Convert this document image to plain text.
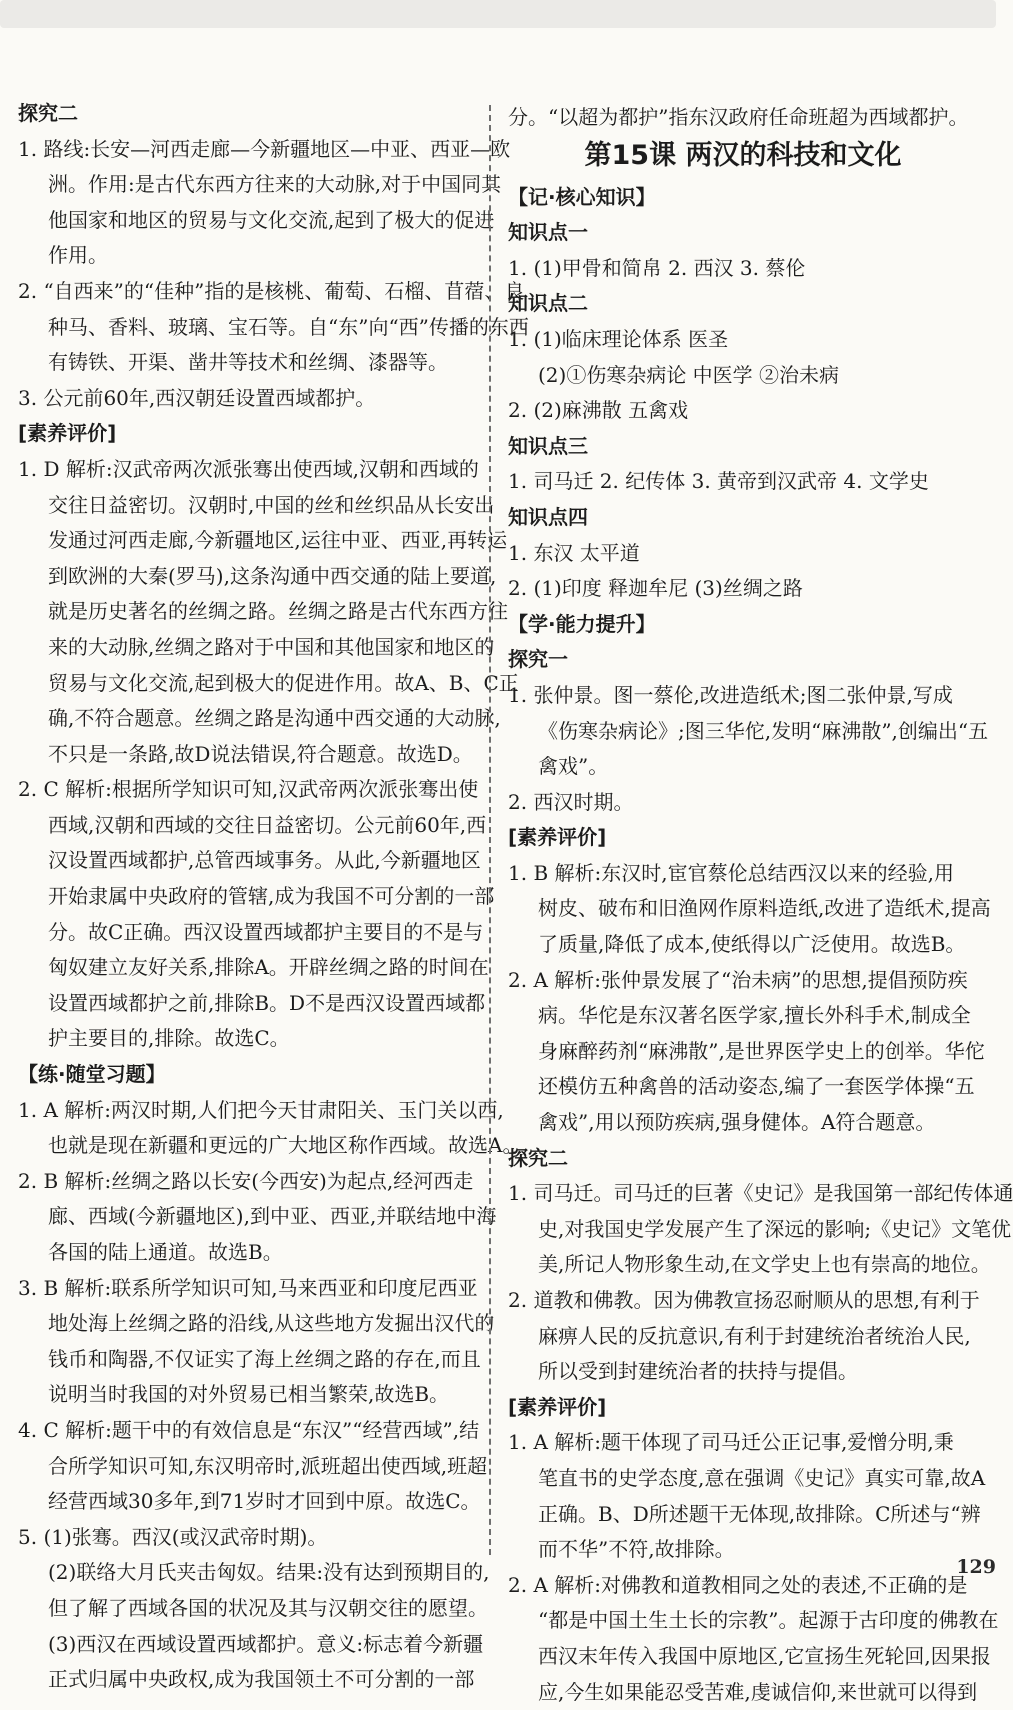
探究二
1. 路线:长安—河西走廊—今新疆地区—中亚、西亚—欧
洲。作用:是古代东西方往来的大动脉,对于中国同其
他国家和地区的贸易与文化交流,起到了极大的促进
作用。
2. “自西来”的“佳种”指的是核桃、葡萄、石榴、苜蓿、良
种马、香料、玻璃、宝石等。自“东”向“西”传播的东西
有铸铁、开渠、凿井等技术和丝绸、漆器等。
3. 公元前60年,西汉朝廷设置西域都护。
[素养评价]
1. D 解析:汉武帝两次派张骞出使西域,汉朝和西域的
交往日益密切。汉朝时,中国的丝和丝织品从长安出
发通过河西走廊,今新疆地区,运往中亚、西亚,再转运
到欧洲的大秦(罗马),这条沟通中西交通的陆上要道,
就是历史著名的丝绸之路。丝绸之路是古代东西方往
来的大动脉,丝绸之路对于中国和其他国家和地区的
贸易与文化交流,起到极大的促进作用。故A、B、C正
确,不符合题意。丝绸之路是沟通中西交通的大动脉,
不只是一条路,故D说法错误,符合题意。故选D。
2. C 解析:根据所学知识可知,汉武帝两次派张骞出使
西域,汉朝和西域的交往日益密切。公元前60年,西
汉设置西域都护,总管西域事务。从此,今新疆地区
开始隶属中央政府的管辖,成为我国不可分割的一部
分。故C正确。西汉设置西域都护主要目的不是与
匈奴建立友好关系,排除A。开辟丝绸之路的时间在
设置西域都护之前,排除B。D不是西汉设置西域都
护主要目的,排除。故选C。
【练·随堂习题】
1. A 解析:两汉时期,人们把今天甘肃阳关、玉门关以西,
也就是现在新疆和更远的广大地区称作西域。故选A。
2. B 解析:丝绸之路以长安(今西安)为起点,经河西走
廊、西域(今新疆地区),到中亚、西亚,并联结地中海
各国的陆上通道。故选B。
3. B 解析:联系所学知识可知,马来西亚和印度尼西亚
地处海上丝绸之路的沿线,从这些地方发掘出汉代的
钱币和陶器,不仅证实了海上丝绸之路的存在,而且
说明当时我国的对外贸易已相当繁荣,故选B。
4. C 解析:题干中的有效信息是“东汉”“经营西域”,结
合所学知识可知,东汉明帝时,派班超出使西域,班超
经营西域30多年,到71岁时才回到中原。故选C。
5. (1)张骞。西汉(或汉武帝时期)。
(2)联络大月氏夹击匈奴。结果:没有达到预期目的,
但了解了西域各国的状况及其与汉朝交往的愿望。
(3)西汉在西域设置西域都护。意义:标志着今新疆
正式归属中央政权,成为我国领土不可分割的一部
分。“以超为都护”指东汉政府任命班超为西域都护。
第15课 两汉的科技和文化
【记·核心知识】
知识点一
1. (1)甲骨和简帛 2. 西汉 3. 蔡伦
知识点二
1. (1)临床理论体系 医圣
(2)①伤寒杂病论 中医学 ②治未病
2. (2)麻沸散 五禽戏
知识点三
1. 司马迁 2. 纪传体 3. 黄帝到汉武帝 4. 文学史
知识点四
1. 东汉 太平道
2. (1)印度 释迦牟尼 (3)丝绸之路
【学·能力提升】
探究一
1. 张仲景。图一蔡伦,改进造纸术;图二张仲景,写成
《伤寒杂病论》;图三华佗,发明“麻沸散”,创编出“五
禽戏”。
2. 西汉时期。
[素养评价]
1. B 解析:东汉时,宦官蔡伦总结西汉以来的经验,用
树皮、破布和旧渔网作原料造纸,改进了造纸术,提高
了质量,降低了成本,使纸得以广泛使用。故选B。
2. A 解析:张仲景发展了“治未病”的思想,提倡预防疾
病。华佗是东汉著名医学家,擅长外科手术,制成全
身麻醉药剂“麻沸散”,是世界医学史上的创举。华佗
还模仿五种禽兽的活动姿态,编了一套医学体操“五
禽戏”,用以预防疾病,强身健体。A符合题意。
探究二
1. 司马迁。司马迁的巨著《史记》是我国第一部纪传体通
史,对我国史学发展产生了深远的影响;《史记》文笔优
美,所记人物形象生动,在文学史上也有崇高的地位。
2. 道教和佛教。因为佛教宣扬忍耐顺从的思想,有利于
麻痹人民的反抗意识,有利于封建统治者统治人民,
所以受到封建统治者的扶持与提倡。
[素养评价]
1. A 解析:题干体现了司马迁公正记事,爱憎分明,秉
笔直书的史学态度,意在强调《史记》真实可靠,故A
正确。B、D所述题干无体现,故排除。C所述与“辨
而不华”不符,故排除。
2. A 解析:对佛教和道教相同之处的表述,不正确的是
“都是中国土生土长的宗教”。起源于古印度的佛教在
西汉末年传入我国中原地区,它宣扬生死轮回,因果报
应,今生如果能忍受苦难,虔诚信仰,来世就可以得到
129
